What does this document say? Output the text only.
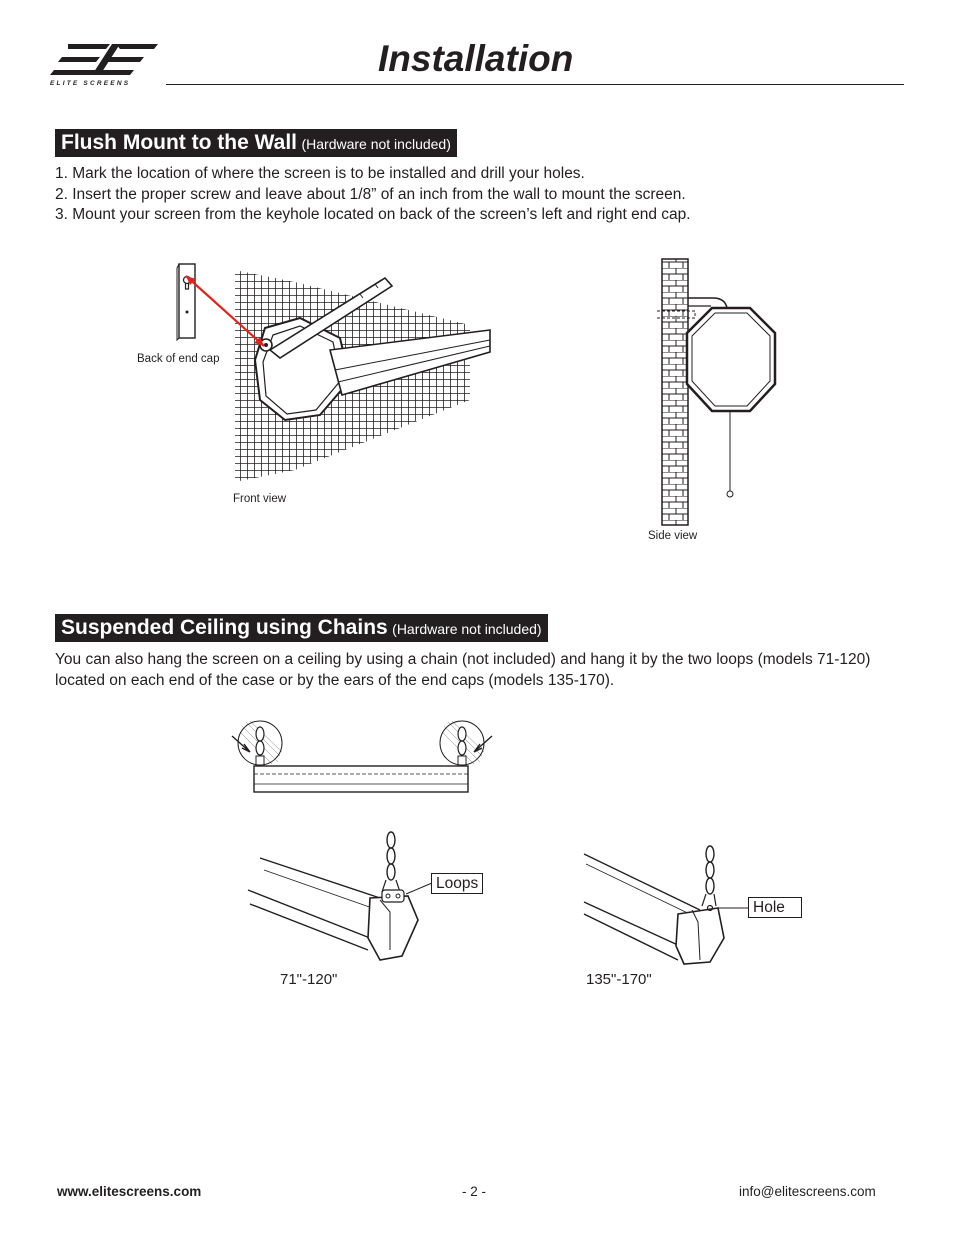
ELITE SCREENS
Installation
Flush Mount to the Wall (Hardware not included)
1. Mark the location of where the screen is to be installed and drill your holes.
2. Insert the proper screw and leave about 1/8” of an inch from the wall to mount the screen.
3. Mount your screen from the keyhole located on back of the screen’s left and right end cap.
Back of end cap
Front view
Side view
Suspended Ceiling using Chains (Hardware not included)
You can also hang the screen on a ceiling by using a chain (not included) and hang it by the two loops (models 71-120) located on each end of the case or by the ears of the end caps (models 135-170).
Loops
71"-120"
Hole
135"-170"
www.elitescreens.com	- 2 -	info@elitescreens.com
